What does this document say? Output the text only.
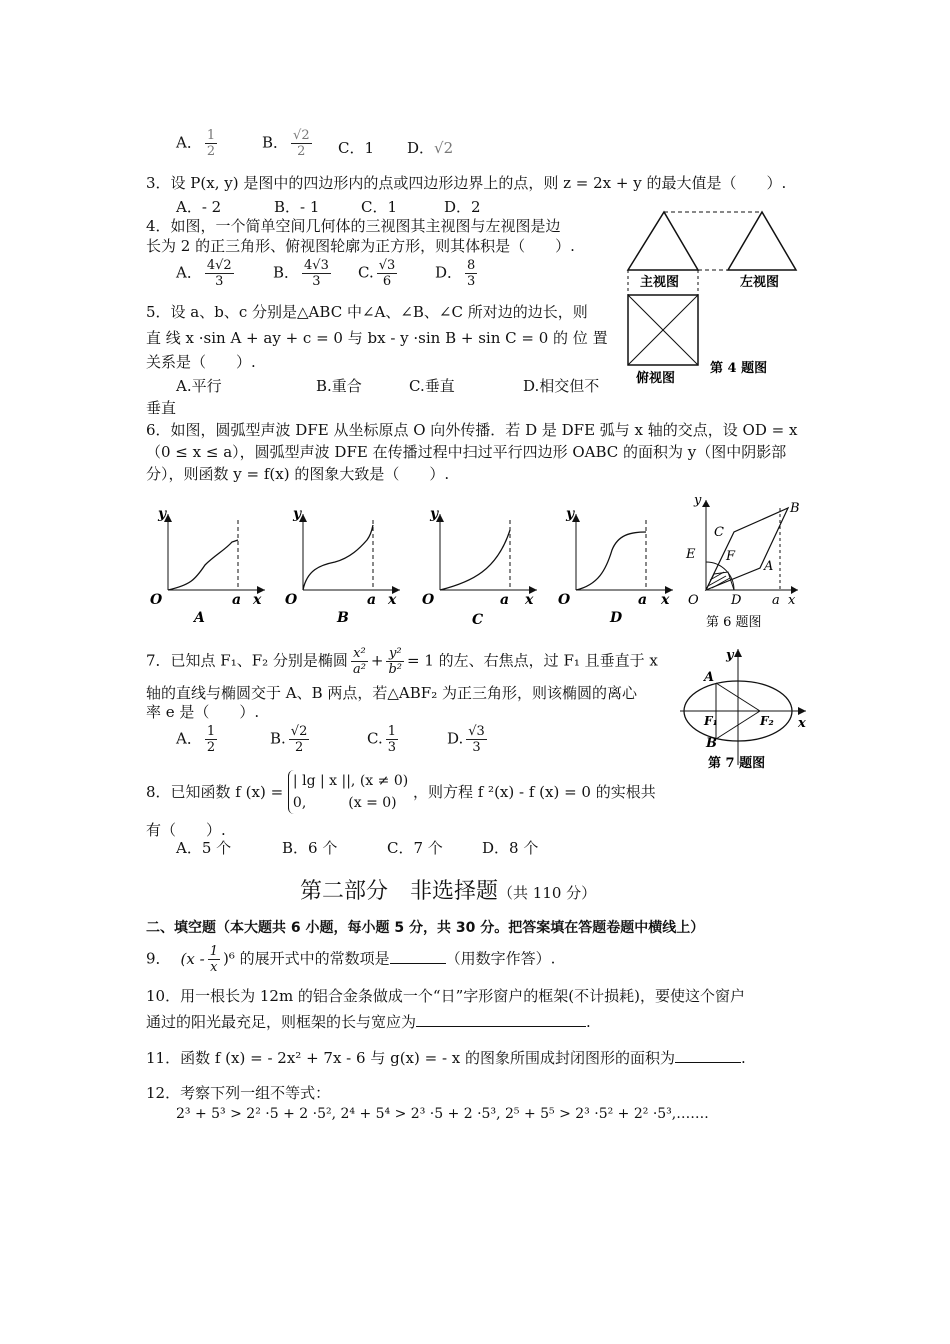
A． $\frac{1}{2}$	B． $\frac{√2}{2}$ C．1 D．√2
3．设 P(x, y) 是图中的四边形内的点或四边形边界上的点，则 z = 2x + y 的最大值是（　　）.
A．- 2	B．- 1	C．1	D．2
4．如图，一个简单空间几何体的三视图其主视图与左视图是边
长为 2 的正三角形、俯视图轮廓为正方形，则其体积是（　　）.
A． $\frac{4√2}{3}$	B． $\frac{4√3}{3} C$. $\frac{√3}{6}$	D． $\frac{8}{3}$	主视图	左视图
俯视图
第 4 题图
5．设 a、b、c 分别是△ABC 中∠A、∠B、∠C 所对边的边长，则
直 线 x ·sin A + ay + c = 0 与 bx - y ·sin B + sin C = 0 的 位 置
关系是（　　）.
A.平行	B.重合	C.垂直	D.相交但不
垂直
6．如图，圆弧型声波 DFE 从坐标原点 O 向外传播．若 D 是 DFE 弧与 x 轴的交点，设 OD = x
（0 ≤ x ≤ a），圆弧型声波 DFE 在传播过程中扫过平行四边形 OABC 的面积为 y（图中阴影部
分），则函数 y = f(x) 的图象大致是（　　）.
y
O	a x
A
y
O	a x
B
y
O	a x
C
y
O	a x
D
y
B
C
E F
A
O D a x
第 6 题图
7．已知点 F₁、F₂ 分别是椭圆 $\frac{\text{x²}}{\text{a²}} + \frac{\text{y²}}{\text{b²}} = 1$ 的左、右焦点，过 F₁ 且垂直于 x
轴的直线与椭圆交于 A、B 两点，若△ABF₂ 为正三角形，则该椭圆的离心
率 e 是（　　）.
A． $\frac{1}{2}$	B. $\frac{√2}{2}$	C. $\frac{1}{3}$	D. $\frac{√3}{3}$
y
A
F₁	F₂ x
B
第 7 题图
8．已知函数 f (x) =
| lg | x ||, (x ≠ 0)
0,　　　(x = 0)
，则方程 f ²(x) - f (x) = 0 的实根共
有（　　）.
A．5 个	B．6 个	C．7 个	D．8 个
第二部分　非选择题（共 110 分）
二、填空题（本大题共 6 小题，每小题 5 分，共 30 分。把答案填在答题卷题中横线上）
9． $(x - \frac{1}{x} )^6$ 的展开式中的常数项是	（用数字作答）.
10．用一根长为 12m 的铝合金条做成一个“日”字形窗户的框架(不计损耗)，要使这个窗户
通过的阳光最充足，则框架的长与宽应为	.
11．函数 f (x) = - 2x² + 7x - 6 与 g(x) = - x 的图象所围成封闭图形的面积为	.
12．考察下列一组不等式：
2³ + 5³ > 2² ·5 + 2 ·5², 2⁴ + 5⁴ > 2³ ·5 + 2 ·5³, 2⁵ + 5⁵ > 2³ ·5² + 2² ·5³,…….
